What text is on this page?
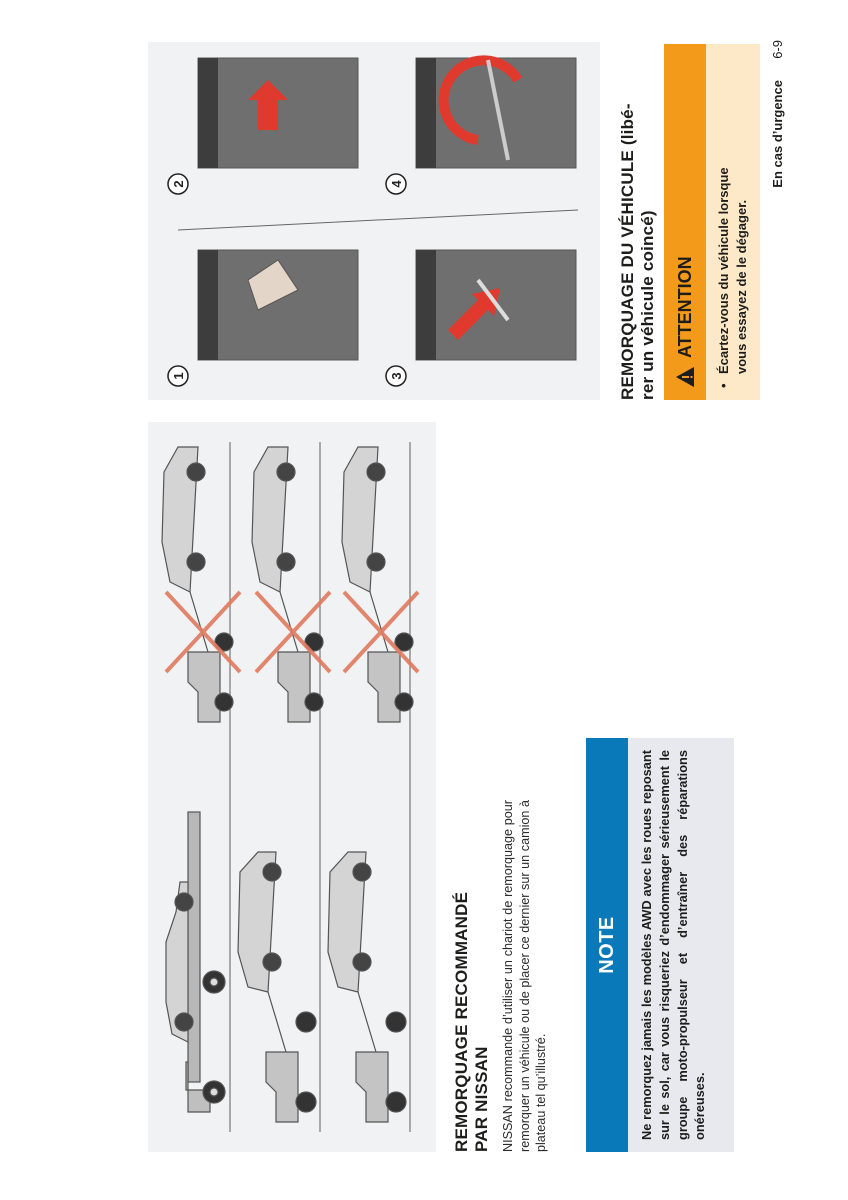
REMORQUAGE RECOMMANDÉ PAR NISSAN NISSAN recommande d’utiliser un chariot de remorquage pour remorquer un véhicule ou de placer ce dernier sur un camion à plateau tel qu’illustré.
NOTE	Ne remorquez jamais les modèles AWD avec les roues reposant sur le sol, car vous risqueriez d’endommager sérieusement le groupe moto-propulseur et d’entraîner des réparations onéreuses.
1
2
3
4	REMORQUAGE DU VÉHICULE (libé- rer un véhicule coincé)	ATTENTION
•
Écartez-vous du véhicule lorsque vous essayez de le dégager.
En cas d’urgence  6-9
